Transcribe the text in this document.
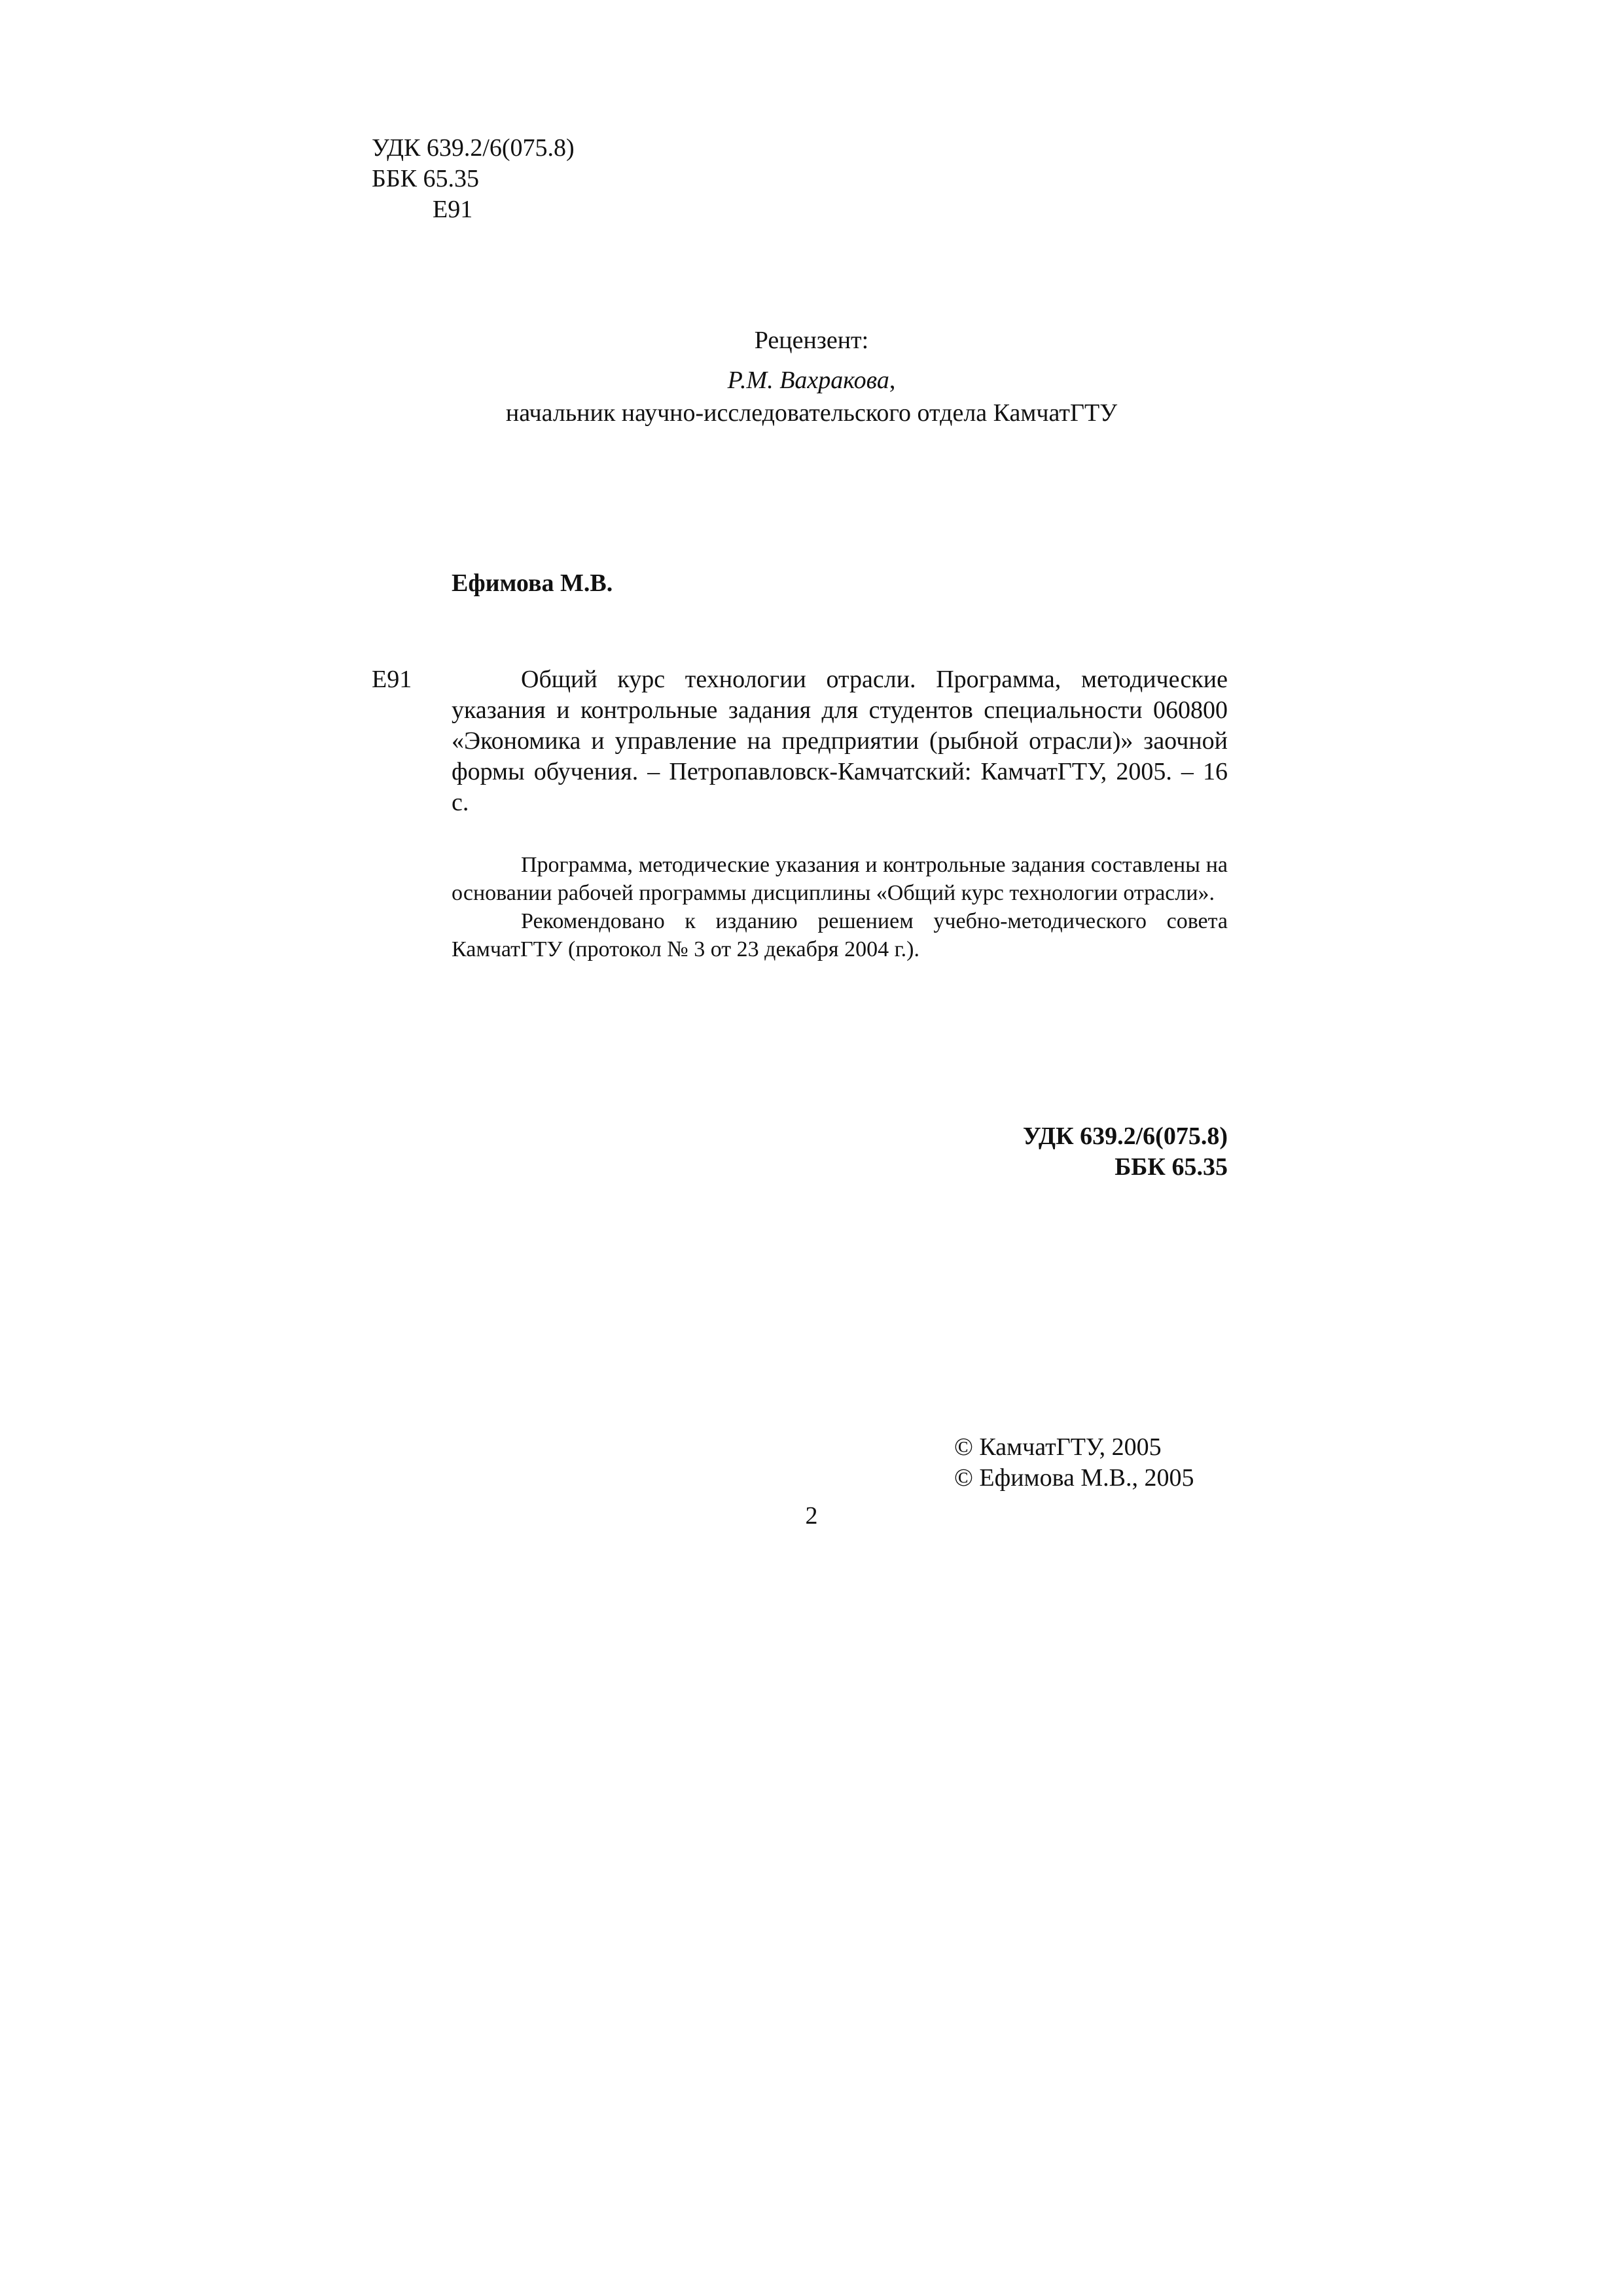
УДК 639.2/6(075.8)
ББК 65.35
Е91
Рецензент:
Р.М. Вахракова,
начальник научно-исследовательского отдела КамчатГТУ
Ефимова М.В.
Е91	Общий курс технологии отрасли. Программа, методические указания и контрольные задания для студентов специальности 060800 «Экономика и управление на предприятии (рыбной отрасли)» заочной формы обучения. – Петропавловск-Камчатский: КамчатГТУ, 2005. – 16 с.

Программа, методические указания и контрольные задания составлены на основании рабочей программы дисциплины «Общий курс технологии отрасли».

Рекомендовано к изданию решением учебно-методического совета КамчатГТУ (протокол № 3 от 23 декабря 2004 г.).

УДК 639.2/6(075.8)
ББК 65.35
© КамчатГТУ, 2005
© Ефимова М.В., 2005
2
